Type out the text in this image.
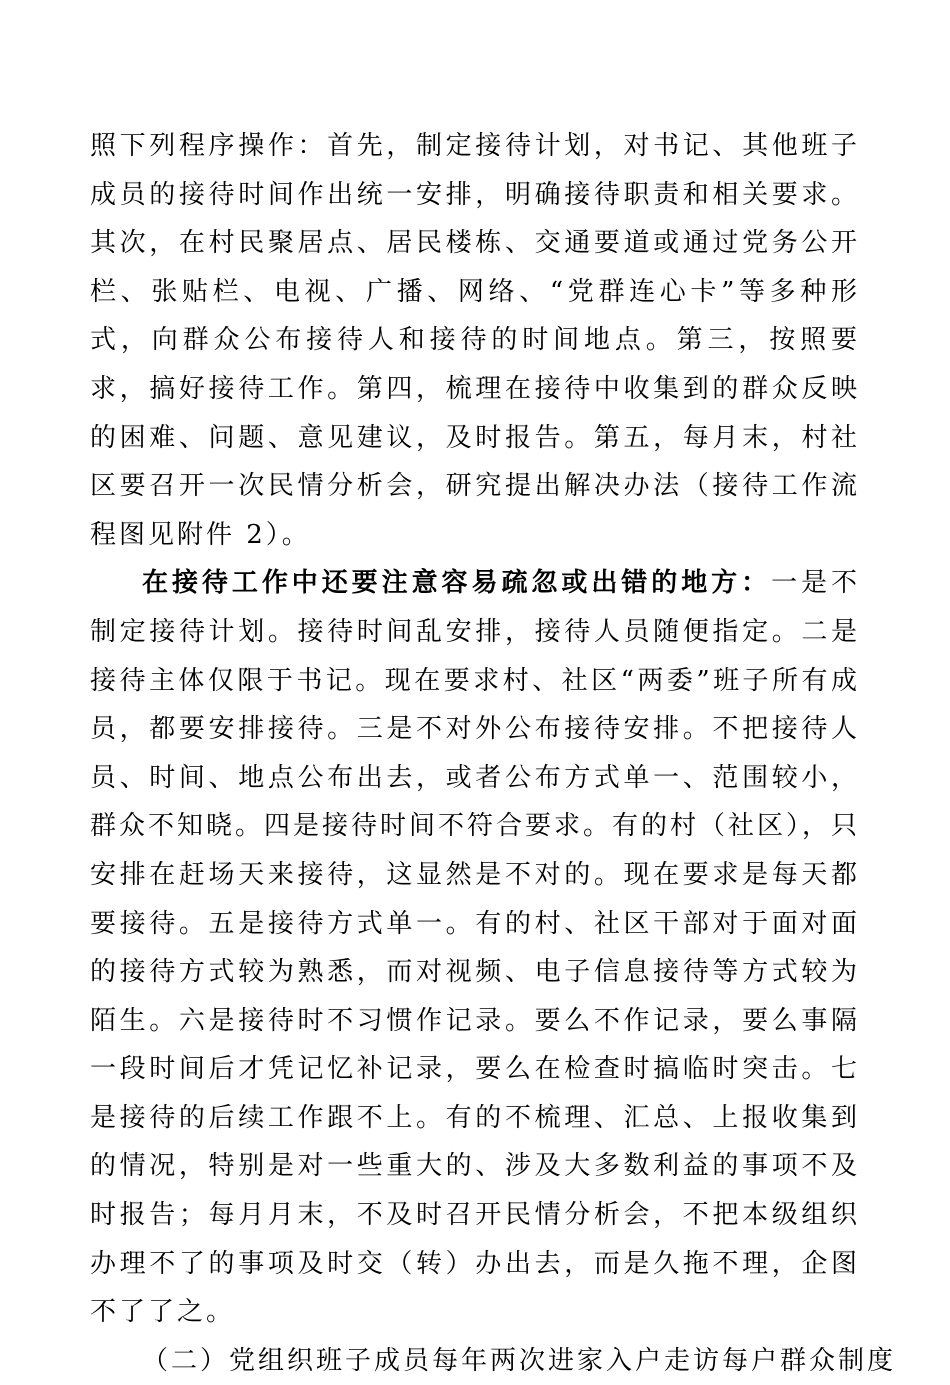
照下列程序操作：首先，制定接待计划，对书记、其他班子成员的接待时间作出统一安排，明确接待职责和相关要求。其次，在村民聚居点、居民楼栋、交通要道或通过党务公开栏、张贴栏、电视、广播、网络、“党群连心卡”等多种形式，向群众公布接待人和接待的时间地点。第三，按照要求，搞好接待工作。第四，梳理在接待中收集到的群众反映的困难、问题、意见建议，及时报告。第五，每月末，村社区要召开一次民情分析会，研究提出解决办法（接待工作流程图见附件 2）。

在接待工作中还要注意容易疏忽或出错的地方：一是不制定接待计划。接待时间乱安排，接待人员随便指定。二是接待主体仅限于书记。现在要求村、社区“两委”班子所有成员，都要安排接待。三是不对外公布接待安排。不把接待人员、时间、地点公布出去，或者公布方式单一、范围较小，群众不知晓。四是接待时间不符合要求。有的村（社区），只安排在赶场天来接待，这显然是不对的。现在要求是每天都要接待。五是接待方式单一。有的村、社区干部对于面对面的接待方式较为熟悉，而对视频、电子信息接待等方式较为陌生。六是接待时不习惯作记录。要么不作记录，要么事隔一段时间后才凭记忆补记录，要么在检查时搞临时突击。七是接待的后续工作跟不上。有的不梳理、汇总、上报收集到的情况，特别是对一些重大的、涉及大多数利益的事项不及时报告；每月月末，不及时召开民情分析会，不把本级组织办理不了的事项及时交（转）办出去，而是久拖不理，企图不了了之。

（二）党组织班子成员每年两次进家入户走访每户群众制度
